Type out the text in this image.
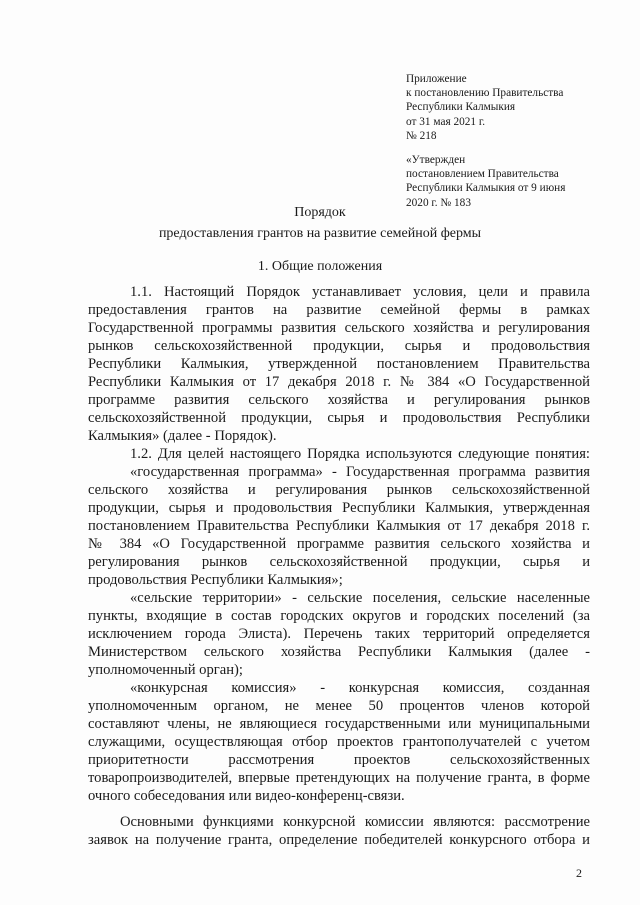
Приложение
к постановлению Правительства
Республики Калмыкия
от 31 мая 2021 г.
№ 218
«Утвержден
постановлением Правительства
Республики Калмыкия от 9 июня
2020 г. № 183
Порядок
предоставления грантов на развитие семейной фермы
1. Общие положения
1.1. Настоящий Порядок устанавливает условия, цели и правила
предоставления грантов на развитие семейной фермы в рамках
Государственной программы развития сельского хозяйства и регулирования
рынков сельскохозяйственной продукции, сырья и продовольствия
Республики Калмыкия, утвержденной постановлением Правительства
Республики Калмыкия от 17 декабря 2018 г. № 384 «О Государственной
программе развития сельского хозяйства и регулирования рынков
сельскохозяйственной продукции, сырья и продовольствия Республики
Калмыкия» (далее - Порядок).
1.2. Для целей настоящего Порядка используются следующие понятия:
«государственная программа» - Государственная программа развития
сельского хозяйства и регулирования рынков сельскохозяйственной
продукции, сырья и продовольствия Республики Калмыкия, утвержденная
постановлением Правительства Республики Калмыкия от 17 декабря 2018 г.
№ 384 «О Государственной программе развития сельского хозяйства и
регулирования рынков сельскохозяйственной продукции, сырья и
продовольствия Республики Калмыкия»;
«сельские территории» - сельские поселения, сельские населенные
пункты, входящие в состав городских округов и городских поселений (за
исключением города Элиста). Перечень таких территорий определяется
Министерством сельского хозяйства Республики Калмыкия (далее -
уполномоченный орган);
«конкурсная комиссия» - конкурсная комиссия, созданная
уполномоченным органом, не менее 50 процентов членов которой
составляют члены, не являющиеся государственными или муниципальными
служащими, осуществляющая отбор проектов грантополучателей с учетом
приоритетности рассмотрения проектов сельскохозяйственных
товаропроизводителей, впервые претендующих на получение гранта, в форме
очного собеседования или видео-конференц-связи.
Основными функциями конкурсной комиссии являются: рассмотрение
заявок на получение гранта, определение победителей конкурсного отбора и
2
